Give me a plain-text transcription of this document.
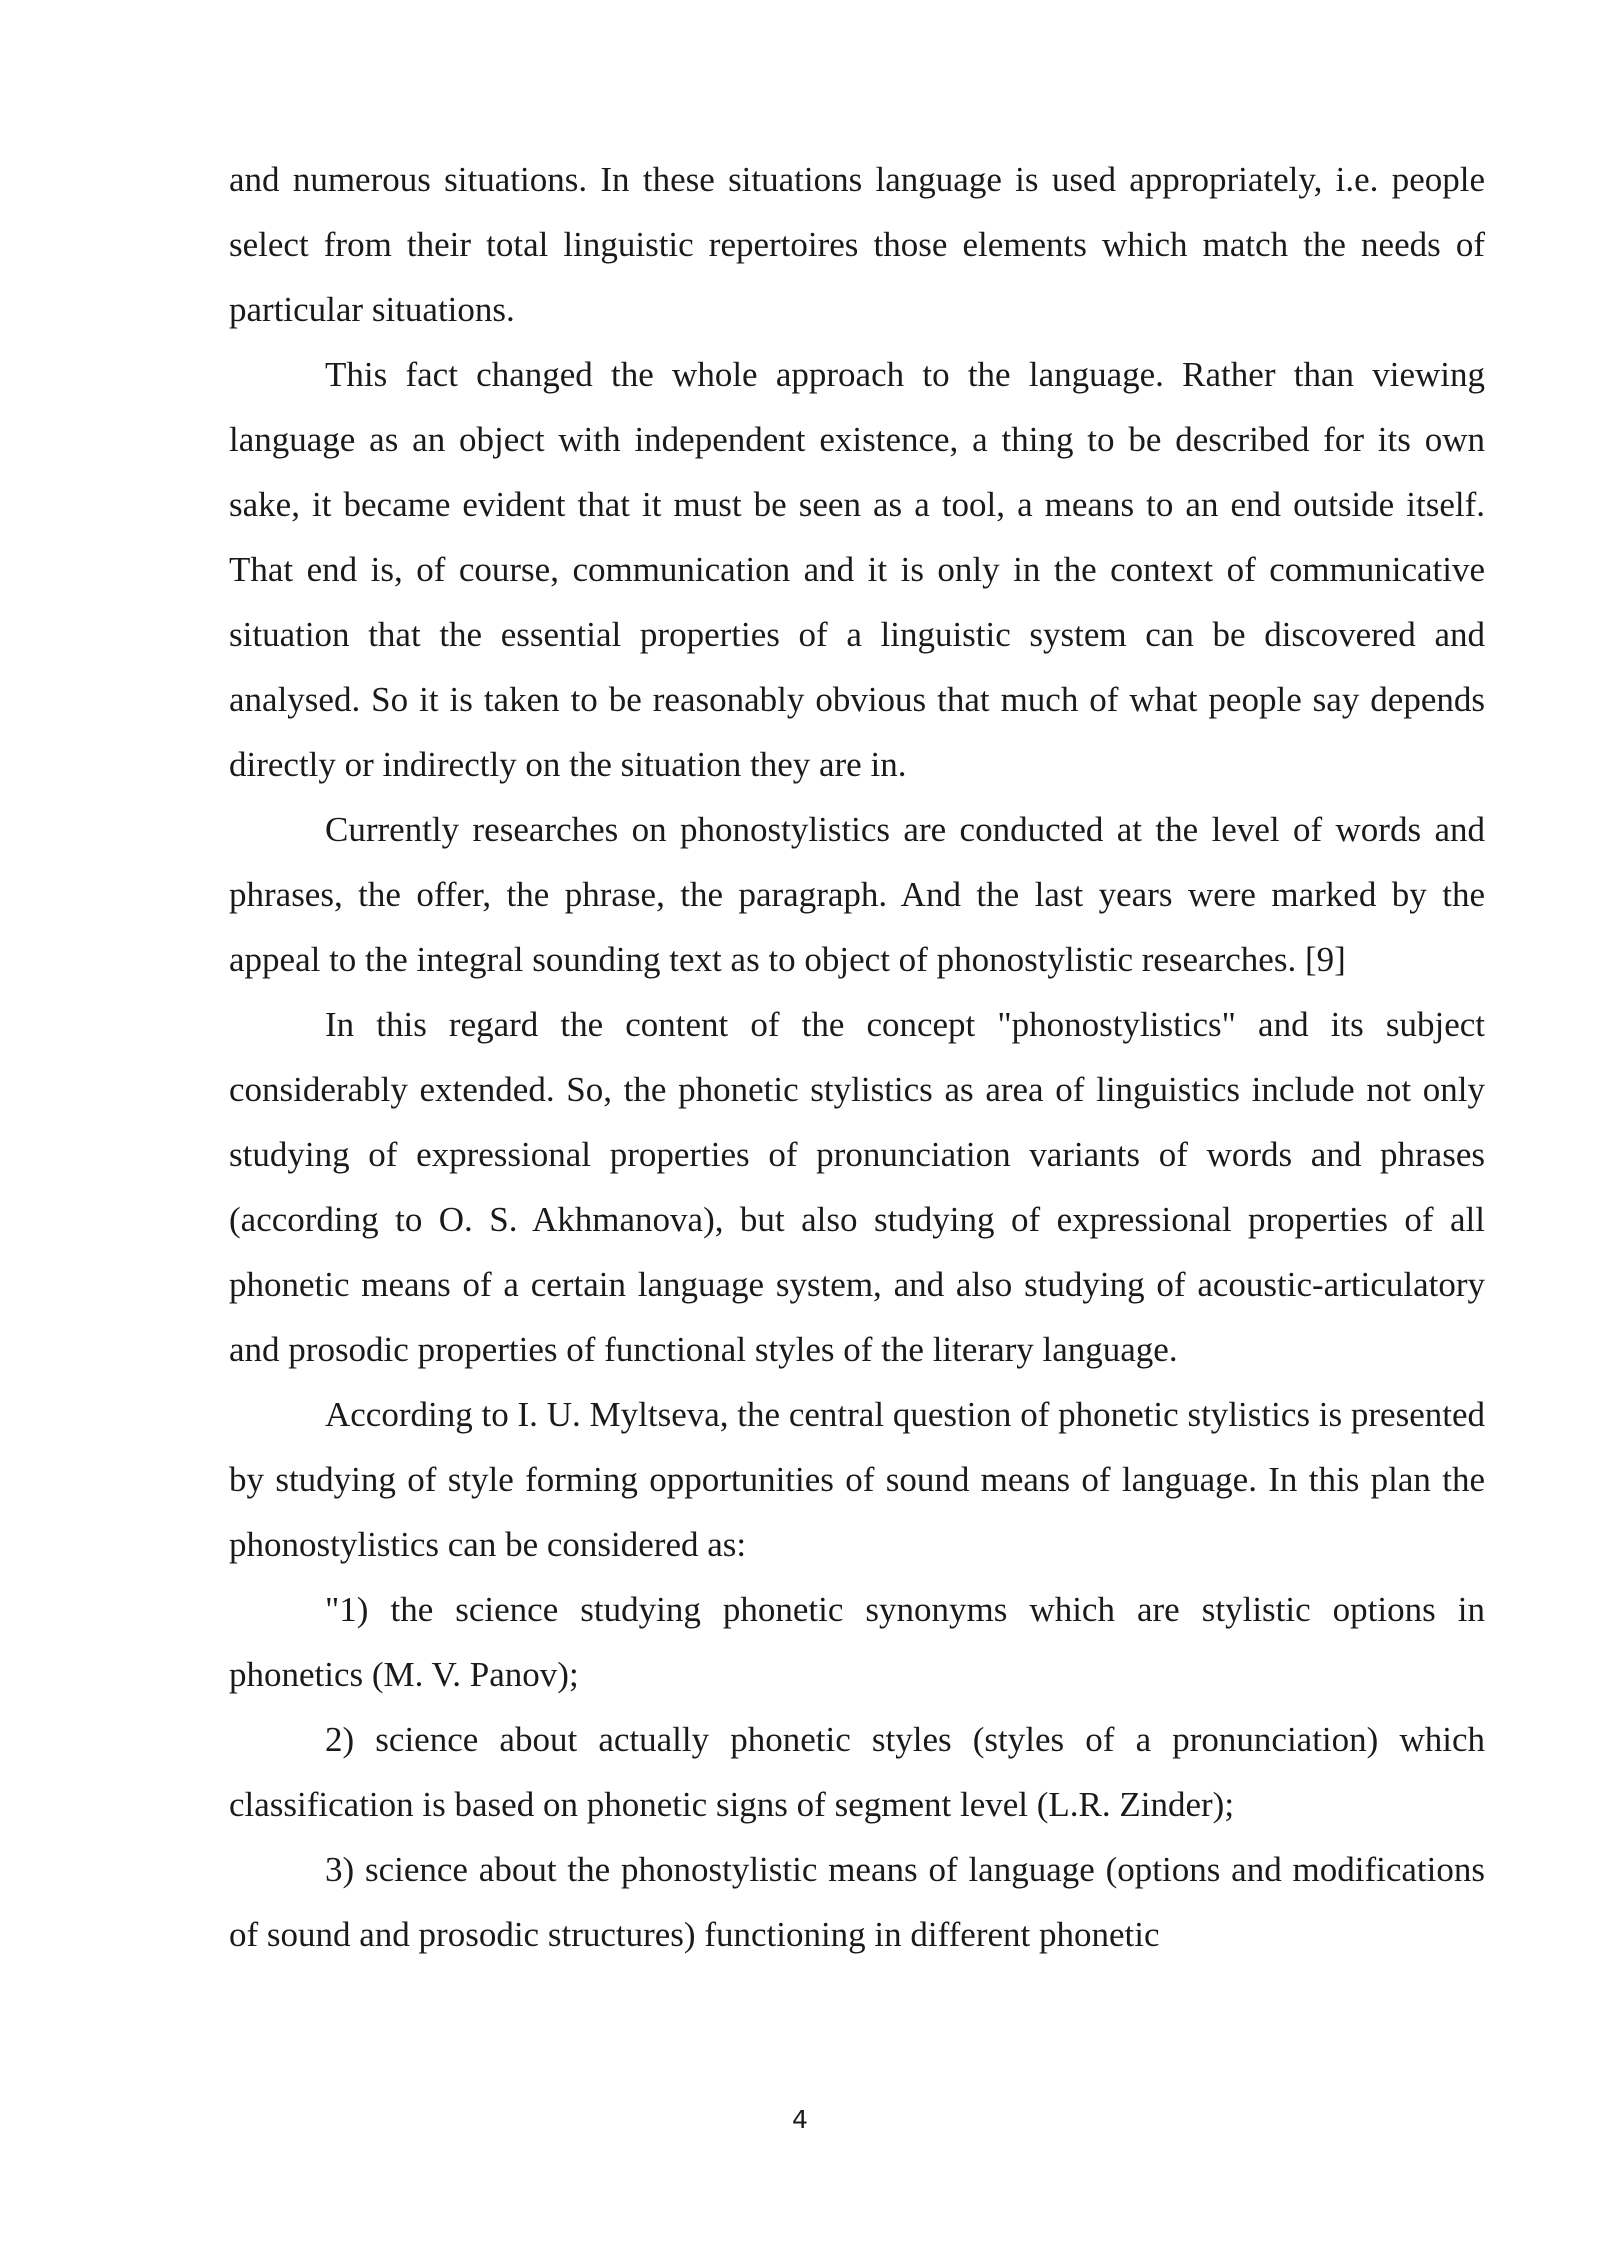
and numerous situations. In these situations language is used appropriately, i.e. people select from their total linguistic repertoires those elements which match the needs of particular situations.

This fact changed the whole approach to the language. Rather than viewing language as an object with independent existence, a thing to be described for its own sake, it became evident that it must be seen as a tool, a means to an end outside itself. That end is, of course, communication and it is only in the context of communicative situation that the essential properties of a linguistic system can be discovered and analysed. So it is taken to be reasonably obvious that much of what people say depends directly or indirectly on the situation they are in.

Currently researches on phonostylistics are conducted at the level of words and phrases, the offer, the phrase, the paragraph. And the last years were marked by the appeal to the integral sounding text as to object of phonostylistic researches. [9]

In this regard the content of the concept "phonostylistics" and its subject considerably extended. So, the phonetic stylistics as area of linguistics include not only studying of expressional properties of pronunciation variants of words and phrases (according to O. S. Akhmanova), but also studying of expressional properties of all phonetic means of a certain language system, and also studying of acoustic-articulatory and prosodic properties of functional styles of the literary language.

According to I. U. Myltseva, the central question of phonetic stylistics is presented by studying of style forming opportunities of sound means of language. In this plan the phonostylistics can be considered as:

"1) the science studying phonetic synonyms which are stylistic options in phonetics (M. V. Panov);

2) science about actually phonetic styles (styles of a pronunciation) which classification is based on phonetic signs of segment level (L.R. Zinder);

3) science about the phonostylistic means of language (options and modifications of sound and prosodic structures) functioning in different phonetic

4
